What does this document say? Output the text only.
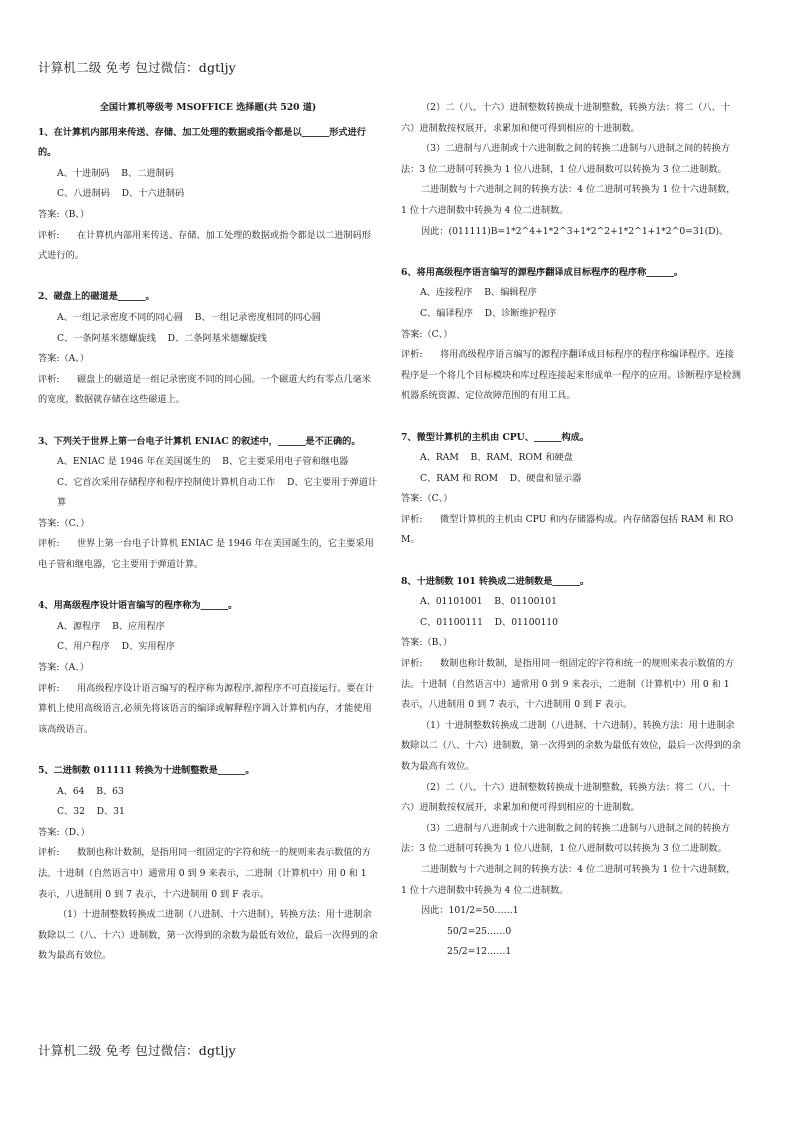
计算机二级 免考 包过微信：dgtljy

全国计算机等级考 MSOFFICE 选择题(共 520 道)

1、在计算机内部用来传送、存储、加工处理的数据或指令都是以______形式进行的。

A、十进制码    B、二进制码

C、八进制码    D、十六进制码

答案:（B、）

评析:      在计算机内部用来传送、存储、加工处理的数据或指令都是以二进制码形式进行的。

2、磁盘上的磁道是______。

A、一组记录密度不同的同心圆    B、一组记录密度相同的同心圆

C、一条阿基米德螺旋线    D、二条阿基米德螺旋线

答案:（A、）

评析:      磁盘上的磁道是一组记录密度不同的同心圆。一个磁道大约有零点几毫米的宽度，数据就存储在这些磁道上。

3、下列关于世界上第一台电子计算机 ENIAC 的叙述中，______是不正确的。

A、ENIAC 是 1946 年在美国诞生的    B、它主要采用电子管和继电器

C、它首次采用存储程序和程序控制使计算机自动工作    D、它主要用于弹道计算

答案:（C、）

评析:      世界上第一台电子计算机 ENIAC 是 1946 年在美国诞生的，它主要采用电子管和继电器，它主要用于弹道计算。

4、用高级程序设计语言编写的程序称为______。

A、源程序    B、应用程序

C、用户程序    D、实用程序

答案:（A、）

评析:      用高级程序设计语言编写的程序称为源程序,源程序不可直接运行。要在计算机上使用高级语言,必须先将该语言的编译或解释程序调入计算机内存，才能使用该高级语言。

5、二进制数 011111 转换为十进制整数是______。

A、64    B、63

C、32    D、31

答案:（D、）

评析:      数制也称计数制，是指用同一组固定的字符和统一的规则来表示数值的方法。十进制（自然语言中）通常用 0 到 9 来表示，二进制（计算机中）用 0 和 1 表示，八进制用 0 到 7 表示，十六进制用 0 到 F 表示。

（1）十进制整数转换成二进制（八进制、十六进制），转换方法：用十进制余数除以二（八、十六）进制数，第一次得到的余数为最低有效位，最后一次得到的余数为最高有效位。

（2）二（八、十六）进制整数转换成十进制整数，转换方法：将二（八、十六）进制数按权展开，求累加和便可得到相应的十进制数。

（3）二进制与八进制或十六进制数之间的转换二进制与八进制之间的转换方法：3 位二进制可转换为 1 位八进制，1 位八进制数可以转换为 3 位二进制数。

二进制数与十六进制之间的转换方法：4 位二进制可转换为 1 位十六进制数，1 位十六进制数中转换为 4 位二进制数。

因此：(011111)B=1*2^4+1*2^3+1*2^2+1*2^1+1*2^0=31(D)。

6、将用高级程序语言编写的源程序翻译成目标程序的程序称______。

A、连接程序    B、编辑程序

C、编译程序    D、诊断维护程序

答案:（C、）

评析:      将用高级程序语言编写的源程序翻译成目标程序的程序称编译程序。连接程序是一个将几个目标模块和库过程连接起来形成单一程序的应用。诊断程序是检测机器系统资源、定位故障范围的有用工具。

7、微型计算机的主机由 CPU、______构成。

A、RAM    B、RAM、ROM 和硬盘

C、RAM 和 ROM    D、硬盘和显示器

答案:（C、）

评析:      微型计算机的主机由 CPU 和内存储器构成。内存储器包括 RAM 和 ROM。

8、十进制数 101 转换成二进制数是______。

A、01101001    B、01100101

C、01100111    D、01100110

答案:（B、）

评析:      数制也称计数制，是指用同一组固定的字符和统一的规则来表示数值的方法。十进制（自然语言中）通常用 0 到 9 来表示，二进制（计算机中）用 0 和 1 表示，八进制用 0 到 7 表示，十六进制用 0 到 F 表示。

（1）十进制整数转换成二进制（八进制、十六进制），转换方法：用十进制余数除以二（八、十六）进制数，第一次得到的余数为最低有效位，最后一次得到的余数为最高有效位。

（2）二（八、十六）进制整数转换成十进制整数，转换方法：将二（八、十六）进制数按权展开，求累加和便可得到相应的十进制数。

（3）二进制与八进制或十六进制数之间的转换二进制与八进制之间的转换方法：3 位二进制可转换为 1 位八进制，1 位八进制数可以转换为 3 位二进制数。

二进制数与十六进制之间的转换方法：4 位二进制可转换为 1 位十六进制数，1 位十六进制数中转换为 4 位二进制数。

因此：101/2=50……1

50/2=25……0

25/2=12……1

计算机二级 免考 包过微信：dgtljy
